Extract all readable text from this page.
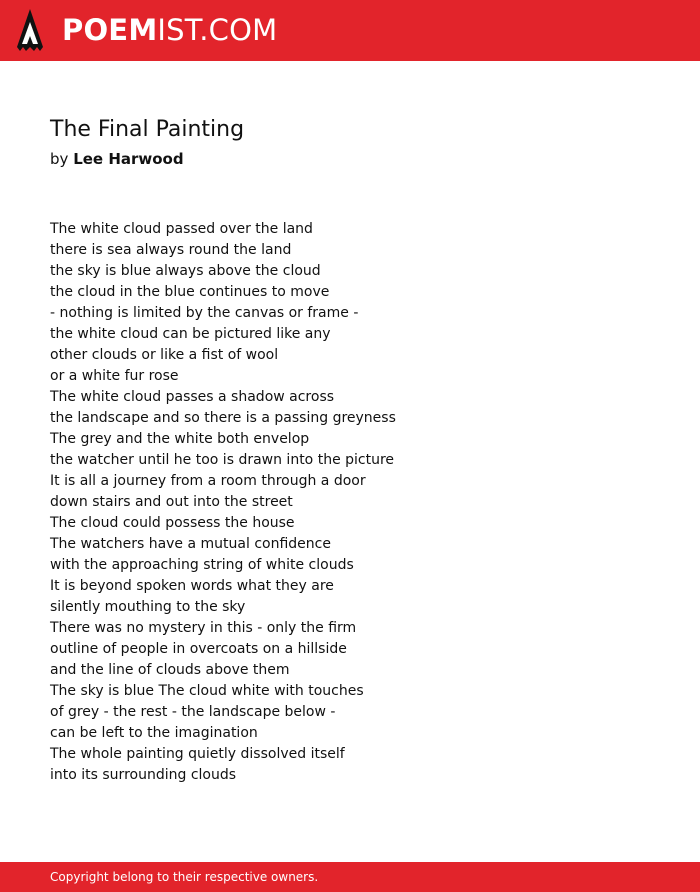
POEMIST.COM
The Final Painting
by Lee Harwood
The white cloud passed over the land
there is sea always round the land
the sky is blue always above the cloud
the cloud in the blue continues to move
- nothing is limited by the canvas or frame -
the white cloud can be pictured like any
other clouds or like a fist of wool
or a white fur rose
The white cloud passes a shadow across
the landscape and so there is a passing greyness
The grey and the white both envelop
the watcher until he too is drawn into the picture
It is all a journey from a room through a door
down stairs and out into the street
The cloud could possess the house
The watchers have a mutual confidence
with the approaching string of white clouds
It is beyond spoken words what they are
silently mouthing to the sky
There was no mystery in this - only the firm
outline of people in overcoats on a hillside
and the line of clouds above them
The sky is blue The cloud white with touches
of grey - the rest - the landscape below -
can be left to the imagination
The whole painting quietly dissolved itself
into its surrounding clouds
Copyright belong to their respective owners.
